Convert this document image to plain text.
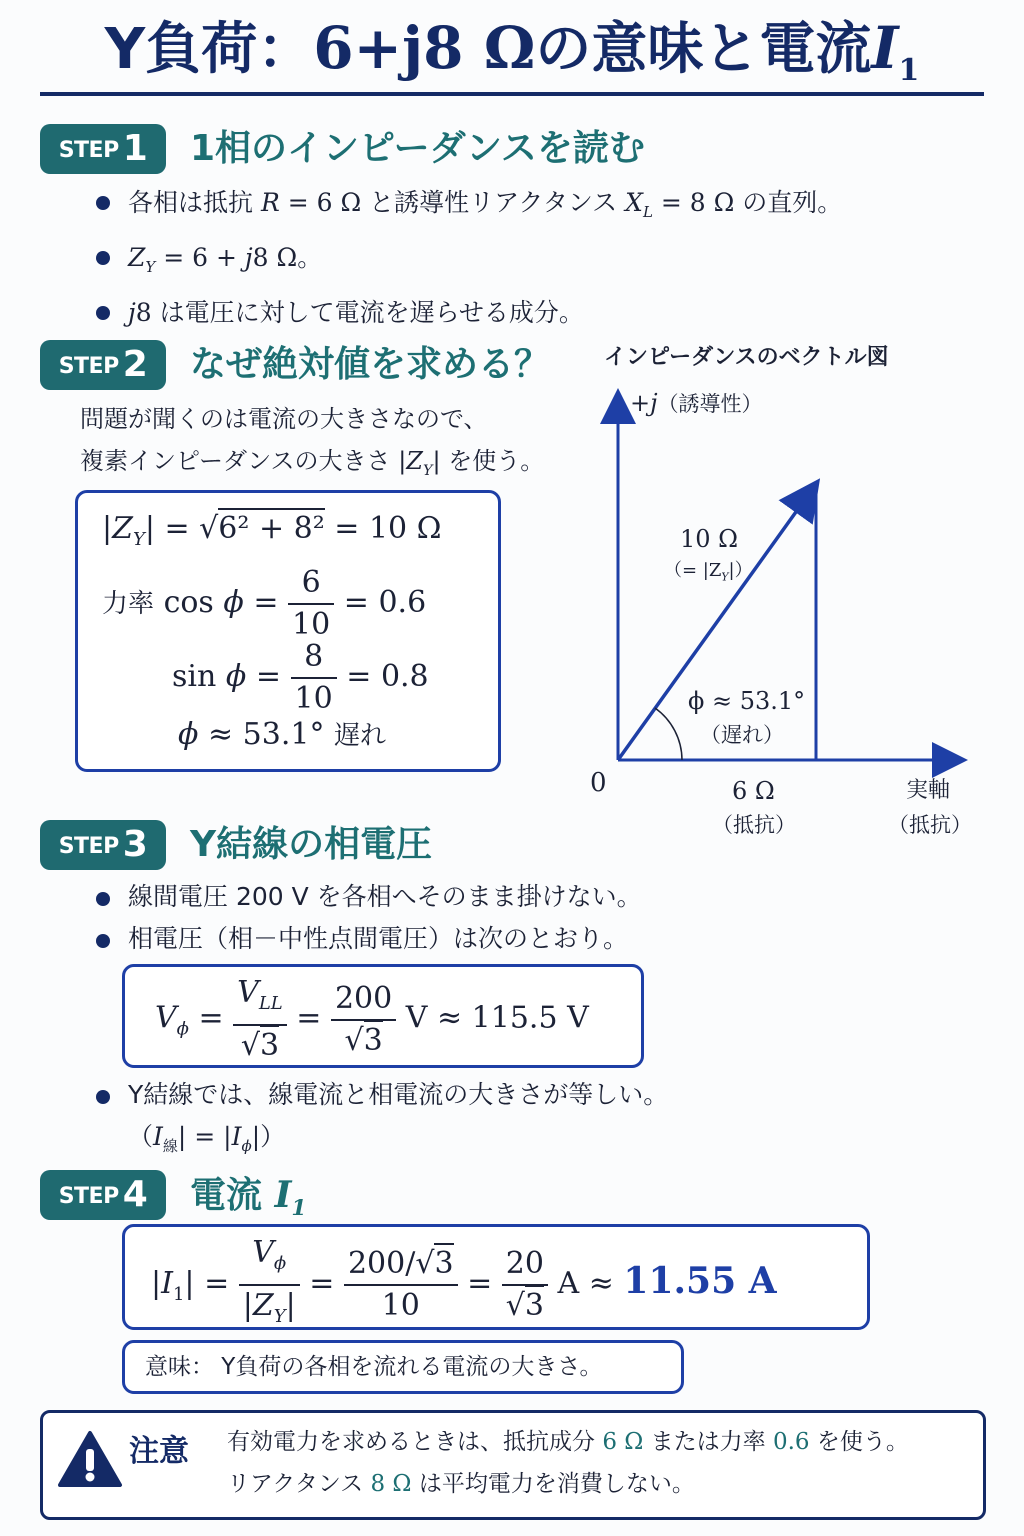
Y負荷：6+j8 Ωの意味と電流$I_1$
STEP 1	1相のインピーダンスを読む
各相は抵抗 R = 6 Ω と誘導性リアクタンス $X_L = 8$ Ω の直列。
$Z_Y = 6 + j8$ Ω。
j8 は電圧に対して電流を遅らせる成分。
STEP 2	なぜ絶対値を求める？
問題が聞くのは電流の大きさなので、
複素インピーダンスの大きさ $|Z_Y|$ を使う。
$|Z_Y| = √6^2 + 8^2 = 10$ Ω
力率 $\cos \phi = \frac{6}{10} = 0.6$
$\sin \phi = \frac{8}{10} = 0.8$
ϕ ≈ 53.1° 遅れ
インピーダンスのベクトル図
+j（誘導性）
10 Ω
（= $|Z_Y|$）
ϕ ≈ 53.1°
（遅れ）
0	6 Ω
（抵抗）
実軸
（抵抗）
STEP 3	Y結線の相電圧
線間電圧 200 V を各相へそのまま掛けない。
相電圧（相－中性点間電圧）は次のとおり。
$V_\phi = \frac{V_{LL}}{√3} = \frac{200}{√3}$ V ≈ 115.5 V
Y結線では、線電流と相電流の大きさが等しい。
$(I_線| = |I_\phi|)$
STEP 4	電流 $I_1$
$|I_1| = \frac{V_\phi}{|Z_Y|} = \frac{200/√3}{10} = \frac{20}{√3}$ A ≈ 11.55 A
意味： Y負荷の各相を流れる電流の大きさ。
注意 有効電力を求めるときは、抵抗成分 6 Ω または力率 0.6 を使う。
リアクタンス 8 Ω は平均電力を消費しない。
